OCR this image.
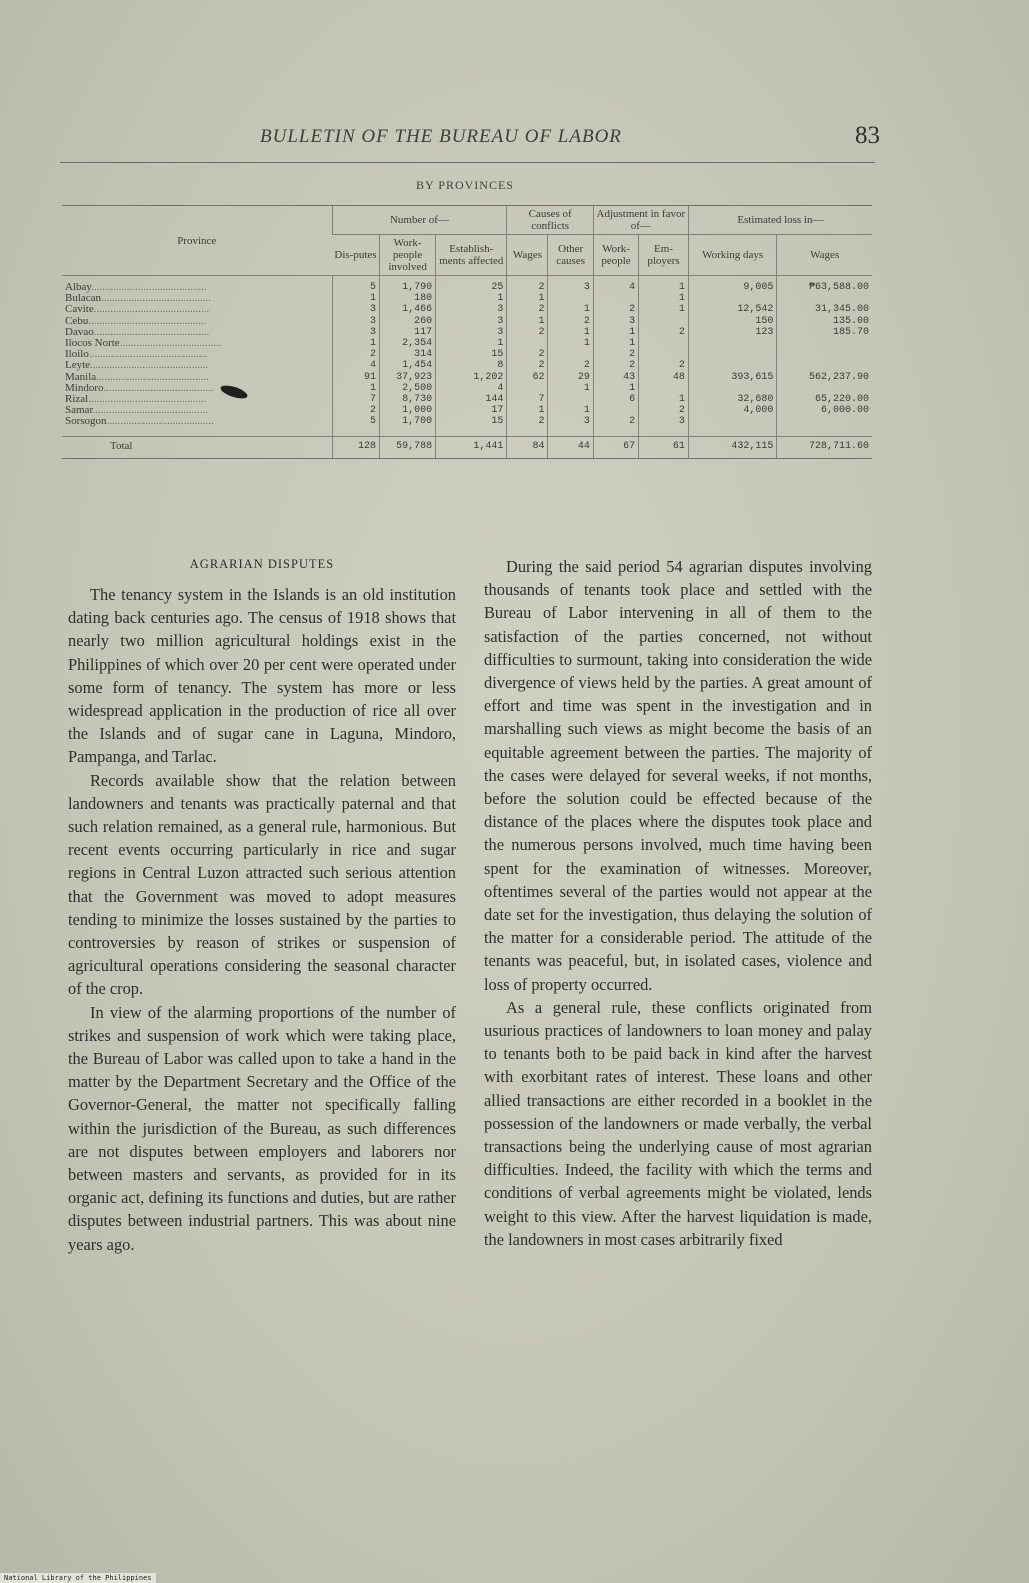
BULLETIN OF THE BUREAU OF LABOR	83
BY PROVINCES
Province	Number of—			Causes of conflicts		Adjustment in favor of—		Estimated loss in—	
	Dis-putes	Work-people involved	Establish-ments affected	Wages	Other causes	Work-people	Em-ployers	Working days	Wages
Albay..........................................	5	1,790	25	2	3	4	1	9,005	₱63,588.00
Bulacan........................................	1	180	1	1			1		
Cavite..........................................	3	1,466	3	2	1	2	1	12,542	31,345.00
Cebu...........................................	3	260	3	1	2	3		150	135.00
Davao..........................................	3	117	3	2	1	1	2	123	185.70
Ilocos Norte.....................................	1	2,354	1		1	1			
Iloilo...........................................	2	314	15	2		2			
Leyte...........................................	4	1,454	8	2	2	2	2		
Manila.........................................	91	37,923	1,202	62	29	43	48	393,615	562,237.90
Mindoro........................................	1	2,500	4		1	1			
Rizal...........................................	7	8,730	144	7		6	1	32,680	65,220.00
Samar..........................................	2	1,000	17	1	1		2	4,000	6,000.00
Sorsogon.......................................	5	1,700	15	2	3	2	3		
Total	128	59,788	1,441	84	44	67	61	432,115	728,711.60

AGRARIAN DISPUTES

The tenancy system in the Islands is an old institution dating back centuries ago. The census of 1918 shows that nearly two million agricultural holdings exist in the Philippines of which over 20 per cent were operated under some form of tenancy. The system has more or less widespread application in the production of rice all over the Islands and of sugar cane in Laguna, Mindoro, Pampanga, and Tarlac.

Records available show that the relation between landowners and tenants was practically paternal and that such relation remained, as a general rule, harmonious. But recent events occurring particularly in rice and sugar regions in Central Luzon attracted such serious attention that the Government was moved to adopt measures tending to minimize the losses sustained by the parties to controversies by reason of strikes or suspension of agricultural operations considering the seasonal character of the crop.

In view of the alarming proportions of the number of strikes and suspension of work which were taking place, the Bureau of Labor was called upon to take a hand in the matter by the Department Secretary and the Office of the Governor-General, the matter not specifically falling within the jurisdiction of the Bureau, as such differences are not disputes between employers and laborers nor between masters and servants, as provided for in its organic act, defining its functions and duties, but are rather disputes between industrial partners. This was about nine years ago.

During the said period 54 agrarian disputes involving thousands of tenants took place and settled with the Bureau of Labor intervening in all of them to the satisfaction of the parties concerned, not without difficulties to surmount, taking into consideration the wide divergence of views held by the parties. A great amount of effort and time was spent in the investigation and in marshalling such views as might become the basis of an equitable agreement between the parties. The majority of the cases were delayed for several weeks, if not months, before the solution could be effected because of the distance of the places where the disputes took place and the numerous persons involved, much time having been spent for the examination of witnesses. Moreover, oftentimes several of the parties would not appear at the date set for the investigation, thus delaying the solution of the matter for a considerable period. The attitude of the tenants was peaceful, but, in isolated cases, violence and loss of property occurred.

As a general rule, these conflicts originated from usurious practices of landowners to loan money and palay to tenants both to be paid back in kind after the harvest with exorbitant rates of interest. These loans and other allied transactions are either recorded in a booklet in the possession of the landowners or made verbally, the verbal transactions being the underlying cause of most agrarian difficulties. Indeed, the facility with which the terms and conditions of verbal agreements might be violated, lends weight to this view. After the harvest liquidation is made, the landowners in most cases arbitrarily fixed

National Library of the Philippines
